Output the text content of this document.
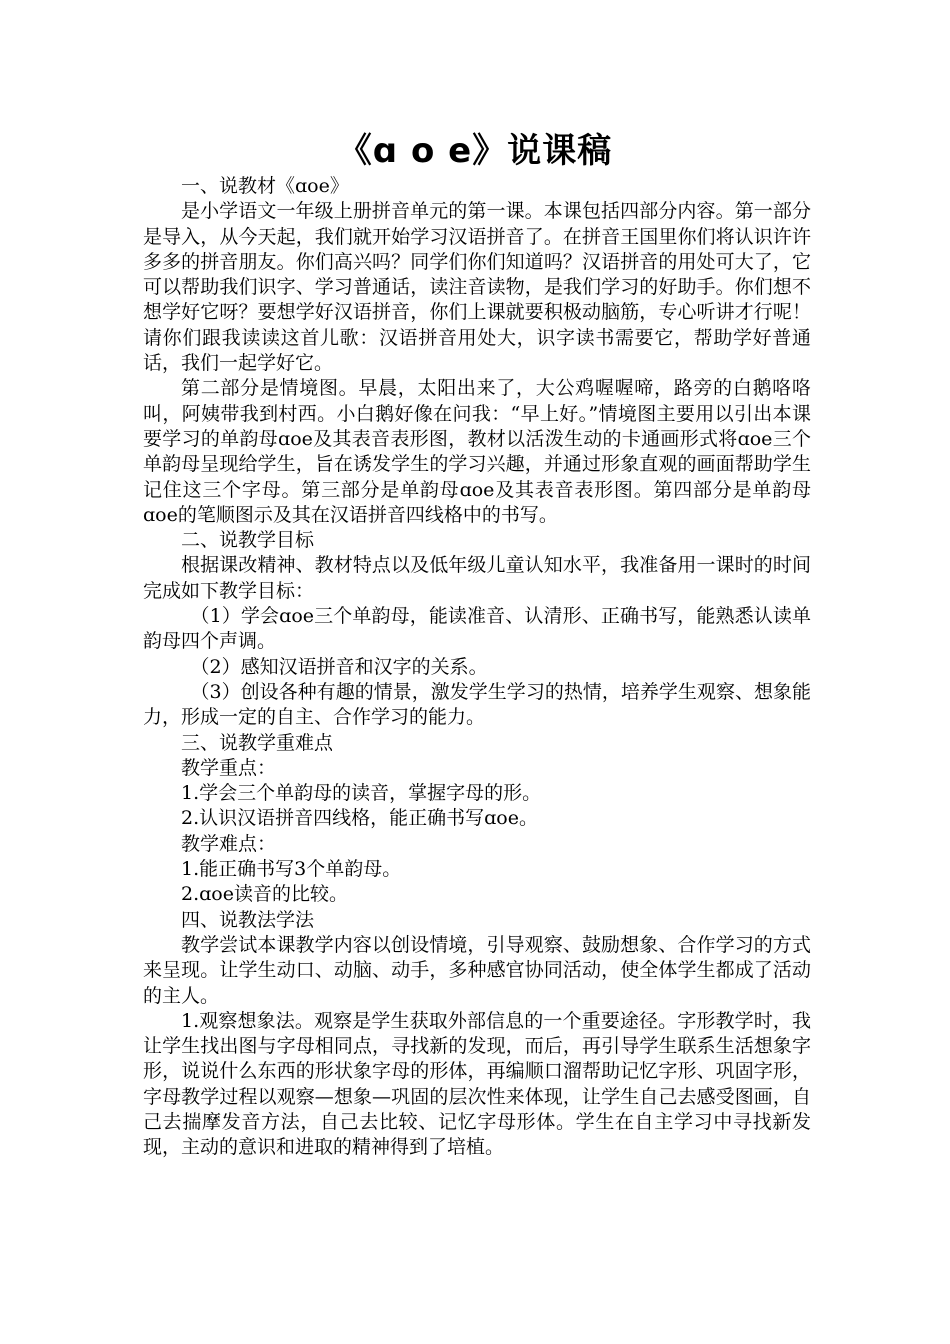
《ɑ o e》说课稿

一、说教材《ɑoe》

是小学语文一年级上册拼音单元的第一课。本课包括四部分内容。第一部分是导入，从今天起，我们就开始学习汉语拼音了。在拼音王国里你们将认识许许多多的拼音朋友。你们高兴吗？同学们你们知道吗？汉语拼音的用处可大了，它可以帮助我们识字、学习普通话，读注音读物，是我们学习的好助手。你们想不想学好它呀？要想学好汉语拼音，你们上课就要积极动脑筋，专心听讲才行呢！请你们跟我读读这首儿歌：汉语拼音用处大，识字读书需要它，帮助学好普通话，我们一起学好它。

第二部分是情境图。早晨，太阳出来了，大公鸡喔喔啼，路旁的白鹅咯咯叫，阿姨带我到村西。小白鹅好像在问我：“早上好。”情境图主要用以引出本课要学习的单韵母ɑoe及其表音表形图，教材以活泼生动的卡通画形式将ɑoe三个单韵母呈现给学生，旨在诱发学生的学习兴趣，并通过形象直观的画面帮助学生记住这三个字母。第三部分是单韵母ɑoe及其表音表形图。第四部分是单韵母ɑoe的笔顺图示及其在汉语拼音四线格中的书写。

二、说教学目标

根据课改精神、教材特点以及低年级儿童认知水平，我准备用一课时的时间完成如下教学目标：

（1）学会ɑoe三个单韵母，能读准音、认清形、正确书写，能熟悉认读单韵母四个声调。

（2）感知汉语拼音和汉字的关系。

（3）创设各种有趣的情景，激发学生学习的热情，培养学生观察、想象能力，形成一定的自主、合作学习的能力。

三、说教学重难点

教学重点：

1.学会三个单韵母的读音，掌握字母的形。

2.认识汉语拼音四线格，能正确书写ɑoe。

教学难点：

1.能正确书写3个单韵母。

2.ɑoe读音的比较。

四、说教法学法

教学尝试本课教学内容以创设情境，引导观察、鼓励想象、合作学习的方式来呈现。让学生动口、动脑、动手，多种感官协同活动，使全体学生都成了活动的主人。

1.观察想象法。观察是学生获取外部信息的一个重要途径。字形教学时，我让学生找出图与字母相同点，寻找新的发现，而后，再引导学生联系生活想象字形，说说什么东西的形状象字母的形体，再编顺口溜帮助记忆字形、巩固字形，字母教学过程以观察—想象—巩固的层次性来体现，让学生自己去感受图画，自己去揣摩发音方法，自己去比较、记忆字母形体。学生在自主学习中寻找新发现，主动的意识和进取的精神得到了培植。
